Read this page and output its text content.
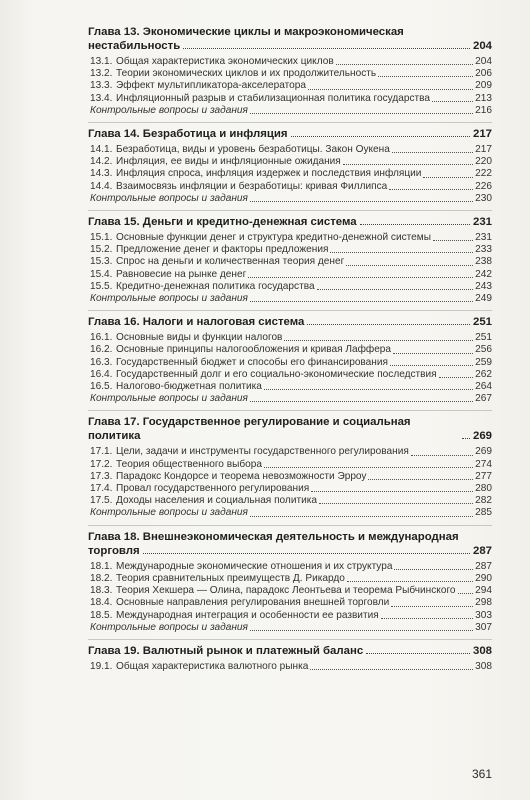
Глава 13. Экономические циклы и макроэкономическая
нестабильность	204
13.1. Общая характеристика экономических циклов	204
13.2. Теории экономических циклов и их продолжительность	206
13.3. Эффект мультипликатора-акселератора	209
13.4. Инфляционный разрыв и стабилизационная политика государства	213
Контрольные вопросы и задания	216
Глава 14. Безработица и инфляция	217
14.1. Безработица, виды и уровень безработицы. Закон Оукена	217
14.2. Инфляция, ее виды и инфляционные ожидания	220
14.3. Инфляция спроса, инфляция издержек и последствия инфляции	222
14.4. Взаимосвязь инфляции и безработицы: кривая Филлипса	226
Контрольные вопросы и задания	230
Глава 15. Деньги и кредитно-денежная система	231
15.1. Основные функции денег и структура кредитно-денежной системы	231
15.2. Предложение денег и факторы предложения	233
15.3. Спрос на деньги и количественная теория денег	238
15.4. Равновесие на рынке денег	242
15.5. Кредитно-денежная политика государства	243
Контрольные вопросы и задания	249
Глава 16. Налоги и налоговая система	251
16.1. Основные виды и функции налогов	251
16.2. Основные принципы налогообложения и кривая Лаффера	256
16.3. Государственный бюджет и способы его финансирования	259
16.4. Государственный долг и его социально-экономические последствия	262
16.5. Налогово-бюджетная политика	264
Контрольные вопросы и задания	267
Глава 17. Государственное регулирование и социальная политика	269
17.1. Цели, задачи и инструменты государственного регулирования	269
17.2. Теория общественного выбора	274
17.3. Парадокс Кондорсе и теорема невозможности Эрроу	277
17.4. Провал государственного регулирования	280
17.5. Доходы населения и социальная политика	282
Контрольные вопросы и задания	285
Глава 18. Внешнеэкономическая деятельность и международная
торговля	287
18.1. Международные экономические отношения и их структура	287
18.2. Теория сравнительных преимуществ Д. Рикардо	290
18.3. Теория Хекшера — Олина, парадокс Леонтьева и теорема Рыбчинского 294
18.4. Основные направления регулирования внешней торговли	298
18.5. Международная интеграция и особенности ее развития	303
Контрольные вопросы и задания	307
Глава 19. Валютный рынок и платежный баланс	308
19.1. Общая характеристика валютного рынка	308
361
